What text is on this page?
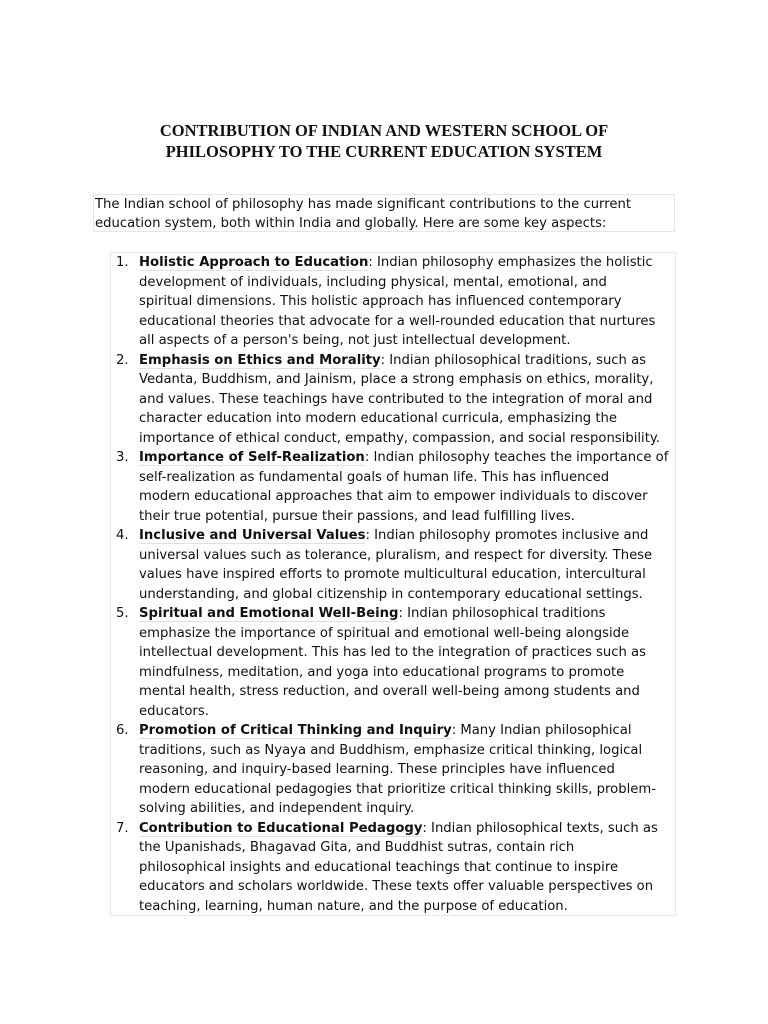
CONTRIBUTION OF INDIAN AND WESTERN SCHOOL OF
PHILOSOPHY TO THE CURRENT EDUCATION SYSTEM

The Indian school of philosophy has made significant contributions to the current
education system, both within India and globally. Here are some key aspects:

1. Holistic Approach to Education: Indian philosophy emphasizes the holistic
development of individuals, including physical, mental, emotional, and
spiritual dimensions. This holistic approach has influenced contemporary
educational theories that advocate for a well-rounded education that nurtures
all aspects of a person's being, not just intellectual development.
2. Emphasis on Ethics and Morality: Indian philosophical traditions, such as
Vedanta, Buddhism, and Jainism, place a strong emphasis on ethics, morality,
and values. These teachings have contributed to the integration of moral and
character education into modern educational curricula, emphasizing the
importance of ethical conduct, empathy, compassion, and social responsibility.
3. Importance of Self-Realization: Indian philosophy teaches the importance of
self-realization as fundamental goals of human life. This has influenced
modern educational approaches that aim to empower individuals to discover
their true potential, pursue their passions, and lead fulfilling lives.
4. Inclusive and Universal Values: Indian philosophy promotes inclusive and
universal values such as tolerance, pluralism, and respect for diversity. These
values have inspired efforts to promote multicultural education, intercultural
understanding, and global citizenship in contemporary educational settings.
5. Spiritual and Emotional Well-Being: Indian philosophical traditions
emphasize the importance of spiritual and emotional well-being alongside
intellectual development. This has led to the integration of practices such as
mindfulness, meditation, and yoga into educational programs to promote
mental health, stress reduction, and overall well-being among students and
educators.
6. Promotion of Critical Thinking and Inquiry: Many Indian philosophical
traditions, such as Nyaya and Buddhism, emphasize critical thinking, logical
reasoning, and inquiry-based learning. These principles have influenced
modern educational pedagogies that prioritize critical thinking skills, problem-
solving abilities, and independent inquiry.
7. Contribution to Educational Pedagogy: Indian philosophical texts, such as
the Upanishads, Bhagavad Gita, and Buddhist sutras, contain rich
philosophical insights and educational teachings that continue to inspire
educators and scholars worldwide. These texts offer valuable perspectives on
teaching, learning, human nature, and the purpose of education.
